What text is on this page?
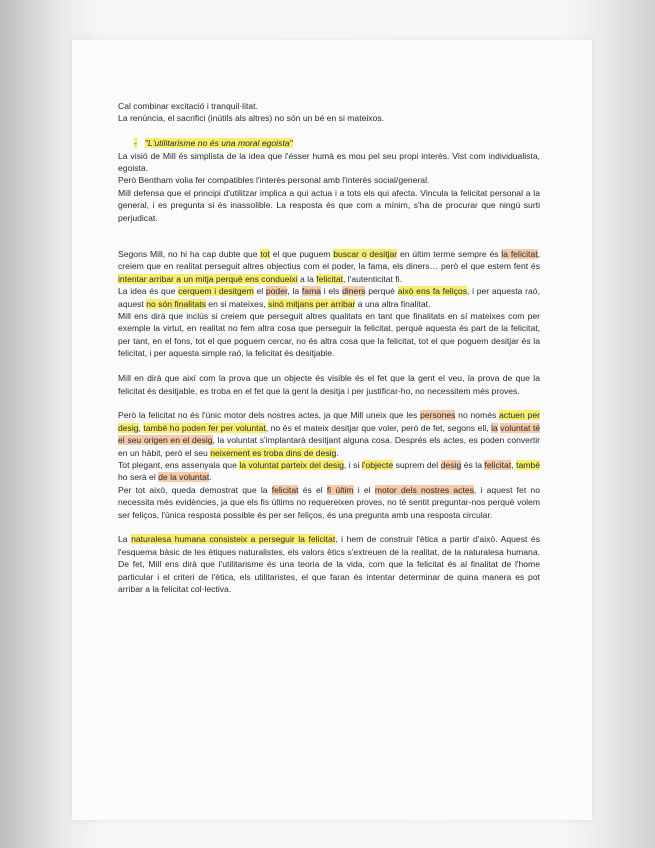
Cal combinar excitació i tranquil·litat.

La renúncia, el sacrifici (inútils als altres) no són un bé en si mateixos.

- "L'utilitarisme no és una moral egoista"

La visió de Mill és simplista de la idea que l'ésser humà es mou pel seu propi interès. Vist com individualista, egoista.

Però Bentham volia fer compatibles l'interès personal amb l'interès social/general.

Mill defensa que el principi d'utilitzar implica a qui actua i a tots els qui afecta. Vincula la felicitat personal a la general, i es pregunta si és inassolible. La resposta és que com a mínim, s'ha de procurar que ningú surti perjudicat.

Segons Mill, no hi ha cap dubte que tot el que puguem buscar o desitjar en últim terme sempre és la felicitat, creiem que en realitat perseguit altres objectius com el poder, la fama, els diners… però el que estem fent és intentar arribar a un mitja perquè ens condueixi a la felicitat, l'autenticitat fi.

La idea és que cerquem i desitgem el poder, la fama i els diners perquè això ens fa feliços, i per aquesta raó, aquest no són finalitats en si mateixes, sinó mitjans per arribar a una altra finalitat.

Mill ens dirà que inclús si creiem que perseguit altres qualitats en tant que finalitats en sí mateixes com per exemple la virtut, en realitat no fem altra cosa que perseguir la felicitat, perquè aquesta és part de la felicitat, per tant, en el fons, tot el que poguem cercar, no és altra cosa que la felicitat, tot el que poguem desitjar és la felicitat, i per aquesta simple raó, la felicitat és desitjable.

Mill en dirà que així com la prova que un objecte és visible és el fet que la gent el veu, la prova de que la felicitat és desitjable, es troba en el fet que la gent la desitja i per justificar-ho, no necessitem més proves.

Però la felicitat no és l'únic motor dels nostres actes, ja que Mill uneix que les persones no només actuen per desig, també ho poden fer per voluntat, no és el mateix desitjar que voler, però de fet, segons ell, la voluntat té el seu origen en el desig, la voluntat s'implantarà desitjant alguna cosa. Després els actes, es poden convertir en un hàbit, però el seu neixement es troba dins de desig.

Tot plegant, ens assenyala que la voluntat parteix del desig, i si l'objecte suprem del desig és la felicitat, també ho serà el de la voluntat.

Per tot això, queda demostrat que la felicitat és el fi últim i el motor dels nostres actes, i aquest fet no necessita més evidències, ja que els fis últims no requereixen proves, no té sentit preguntar-nos perquè volem ser feliços, l'única resposta possible és per ser feliços, és una pregunta amb una resposta circular.

La naturalesa humana consisteix a perseguir la felicitat, i hem de construir l'ètica a partir d'això. Aquest és l'esquema bàsic de les ètiques naturalistes, els valors ètics s'extreuen de la realitat, de la naturalesa humana. De fet, Mill ens dirà que l'utilitarisme és una teoria de la vida, com que la felicitat és al finalitat de l'home particular i el criteri de l'ètica, els utilitaristes, el que faran és intentar determinar de quina manera es pot arribar a la felicitat col·lectiva.
